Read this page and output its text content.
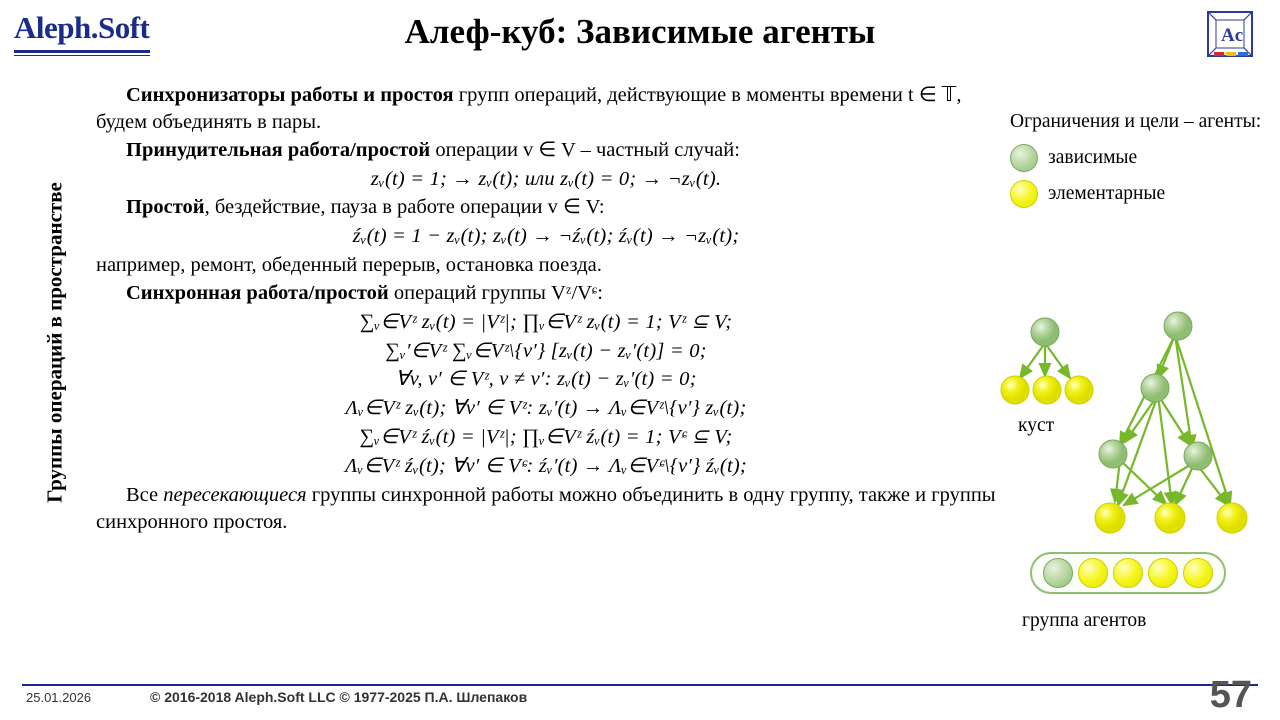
Aleph.Soft	Алеф-куб: Зависимые агенты	Ac
Группы операций в пространстве

Синхронизаторы работы и простоя групп операций, действующие в моменты времени t ∈ 𝕋, будем объединять в пары.

Принудительная работа/простой операции v ∈ V – частный случай:

zᵥ(t) = 1; → zᵥ(t); или zᵥ(t) = 0; → ¬zᵥ(t).

Простой, бездействие, пауза в работе операции v ∈ V:

źᵥ(t) = 1 − zᵥ(t); zᵥ(t) → ¬źᵥ(t); źᵥ(t) → ¬zᵥ(t);

например, ремонт, обеденный перерыв, остановка поезда.

Синхронная работа/простой операций группы Vᶻ/Vᶝ:

∑ᵥ∈Vᶻ zᵥ(t) = |Vᶻ|; ∏ᵥ∈Vᶻ zᵥ(t) = 1; Vᶻ ⊆ V;

∑ᵥ′∈Vᶻ ∑ᵥ∈Vᶻ\{v′} [zᵥ(t) − zᵥ′(t)] = 0;

∀v, v′ ∈ Vᶻ, v ≠ v′: zᵥ(t) − zᵥ′(t) = 0;

Λᵥ∈Vᶻ zᵥ(t); ∀v′ ∈ Vᶻ: zᵥ′(t) → Λᵥ∈Vᶻ\{v′} zᵥ(t);

∑ᵥ∈Vᶻ źᵥ(t) = |Vᶻ|; ∏ᵥ∈Vᶻ źᵥ(t) = 1; Vᶝ ⊆ V;

Λᵥ∈Vᶻ źᵥ(t); ∀v′ ∈ Vᶝ: źᵥ′(t) → Λᵥ∈Vᶝ\{v′} źᵥ(t);

Все пересекающиеся группы синхронной работы можно объединить в одну группу, также и группы синхронного простоя.

Ограничения и цели – агенты:
зависимые
элементарные
куст
группа агентов
25.01.2026	© 2016-2018 Aleph.Soft LLC © 1977-2025 П.А. Шлепаков	57
